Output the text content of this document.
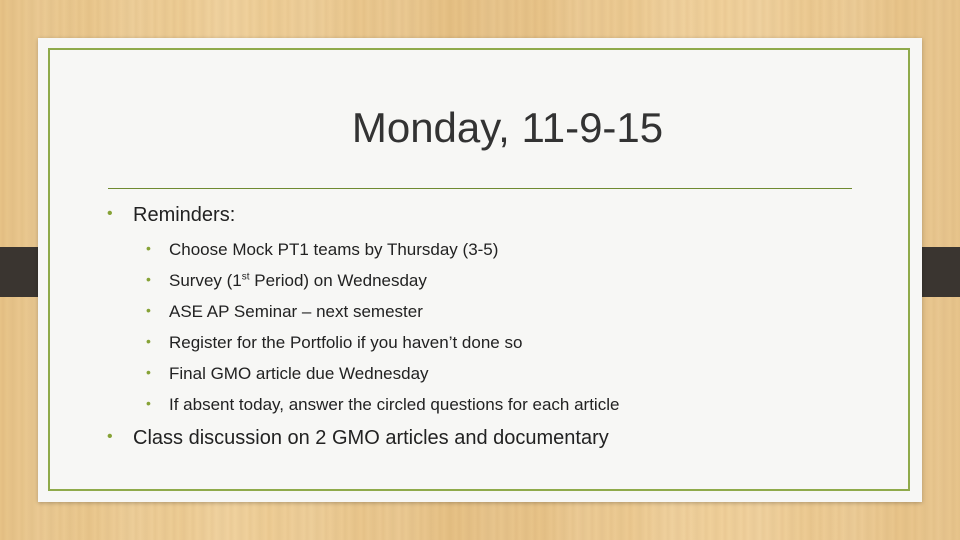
Monday, 11-9-15
• Reminders:
• Choose Mock PT1 teams by Thursday (3-5)
• Survey (1st Period) on Wednesday
• ASE AP Seminar – next semester
• Register for the Portfolio if you haven’t done so
• Final GMO article due Wednesday
• If absent today, answer the circled questions for each article
• Class discussion on 2 GMO articles and documentary
